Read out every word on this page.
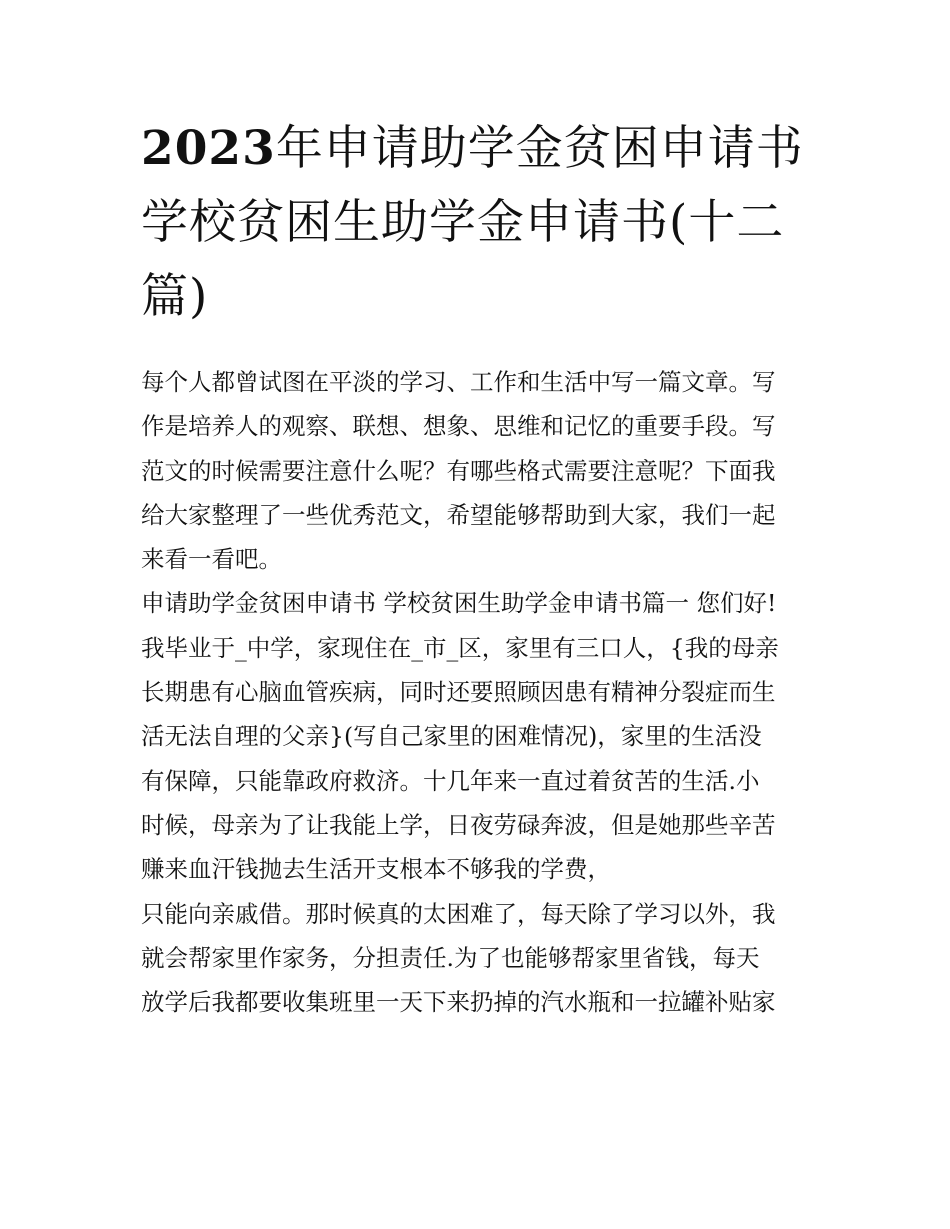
2023年申请助学金贫困申请书
学校贫困生助学金申请书(十二
篇)
每个人都曾试图在平淡的学习、工作和生活中写一篇文章。写
作是培养人的观察、联想、想象、思维和记忆的重要手段。写
范文的时候需要注意什么呢？有哪些格式需要注意呢？下面我
给大家整理了一些优秀范文，希望能够帮助到大家，我们一起
来看一看吧。
申请助学金贫困申请书 学校贫困生助学金申请书篇一 您们好!
我毕业于_中学，家现住在_市_区，家里有三口人，{我的母亲
长期患有心脑血管疾病，同时还要照顾因患有精神分裂症而生
活无法自理的父亲}(写自己家里的困难情况)，家里的生活没
有保障，只能靠政府救济。十几年来一直过着贫苦的生活.小
时候，母亲为了让我能上学，日夜劳碌奔波，但是她那些辛苦
赚来血汗钱抛去生活开支根本不够我的学费，
只能向亲戚借。那时候真的太困难了，每天除了学习以外，我
就会帮家里作家务，分担责任.为了也能够帮家里省钱，每天
放学后我都要收集班里一天下来扔掉的汽水瓶和一拉罐补贴家
